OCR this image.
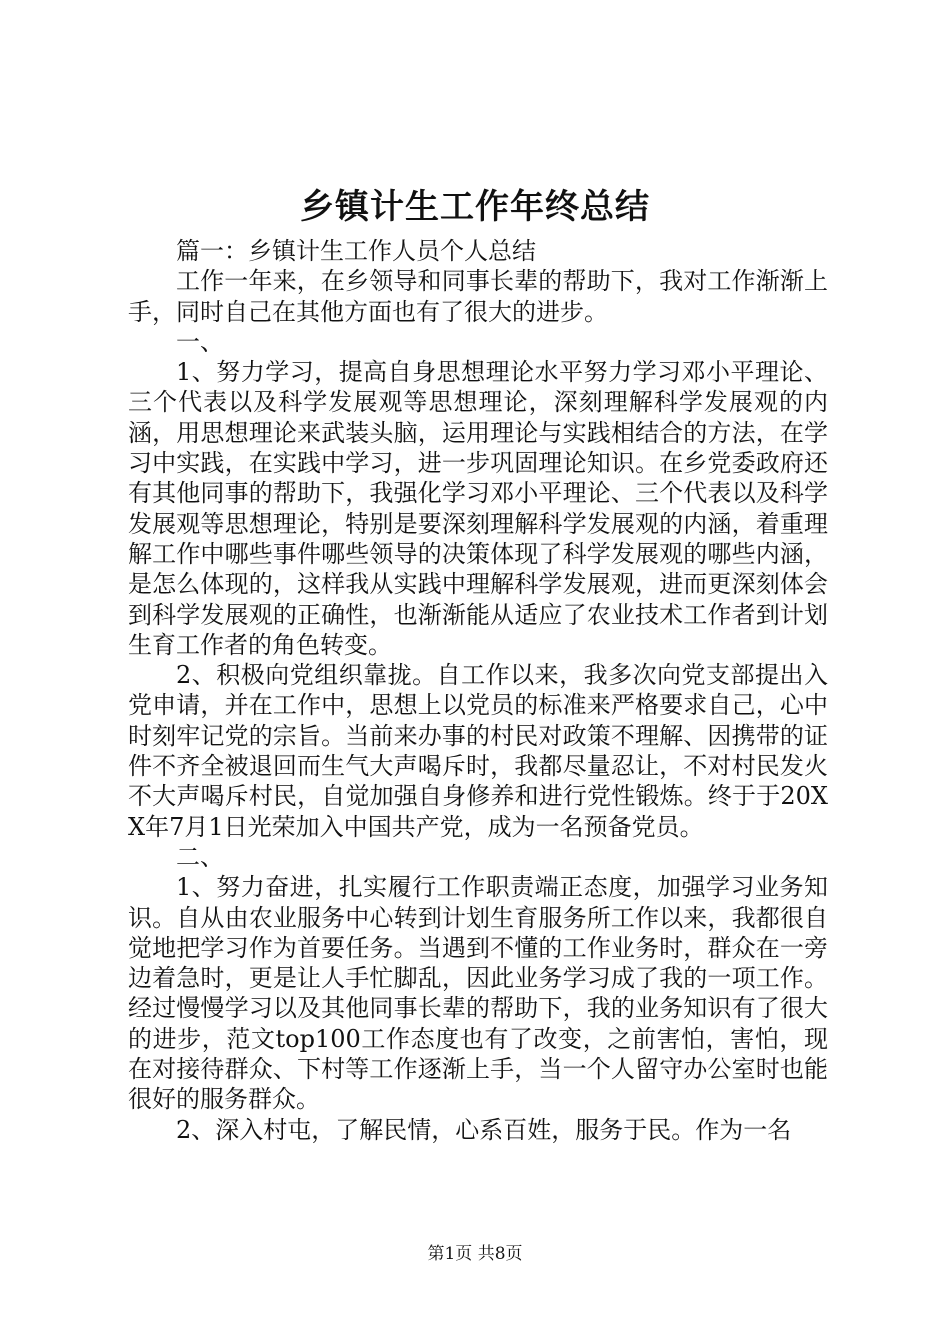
乡镇计生工作年终总结

篇一：乡镇计生工作人员个人总结

工作一年来，在乡领导和同事长辈的帮助下，我对工作渐渐上手，同时自己在其他方面也有了很大的进步。

一、

1、努力学习，提高自身思想理论水平努力学习邓小平理论、三个代表以及科学发展观等思想理论，深刻理解科学发展观的内涵，用思想理论来武装头脑，运用理论与实践相结合的方法，在学习中实践，在实践中学习，进一步巩固理论知识。在乡党委政府还有其他同事的帮助下，我强化学习邓小平理论、三个代表以及科学发展观等思想理论，特别是要深刻理解科学发展观的内涵，着重理解工作中哪些事件哪些领导的决策体现了科学发展观的哪些内涵，是怎么体现的，这样我从实践中理解科学发展观，进而更深刻体会到科学发展观的正确性，也渐渐能从适应了农业技术工作者到计划生育工作者的角色转变。

2、积极向党组织靠拢。自工作以来，我多次向党支部提出入党申请，并在工作中，思想上以党员的标准来严格要求自己，心中时刻牢记党的宗旨。当前来办事的村民对政策不理解、因携带的证件不齐全被退回而生气大声喝斥时，我都尽量忍让，不对村民发火不大声喝斥村民，自觉加强自身修养和进行党性锻炼。终于于20XX年7月1日光荣加入中国共产党，成为一名预备党员。

二、

1、努力奋进，扎实履行工作职责端正态度，加强学习业务知识。自从由农业服务中心转到计划生育服务所工作以来，我都很自觉地把学习作为首要任务。当遇到不懂的工作业务时，群众在一旁边着急时，更是让人手忙脚乱，因此业务学习成了我的一项工作。经过慢慢学习以及其他同事长辈的帮助下，我的业务知识有了很大的进步，范文top100工作态度也有了改变，之前害怕，害怕，现在对接待群众、下村等工作逐渐上手，当一个人留守办公室时也能很好的服务群众。

2、深入村屯，了解民情，心系百姓，服务于民。作为一名

第1页 共8页
